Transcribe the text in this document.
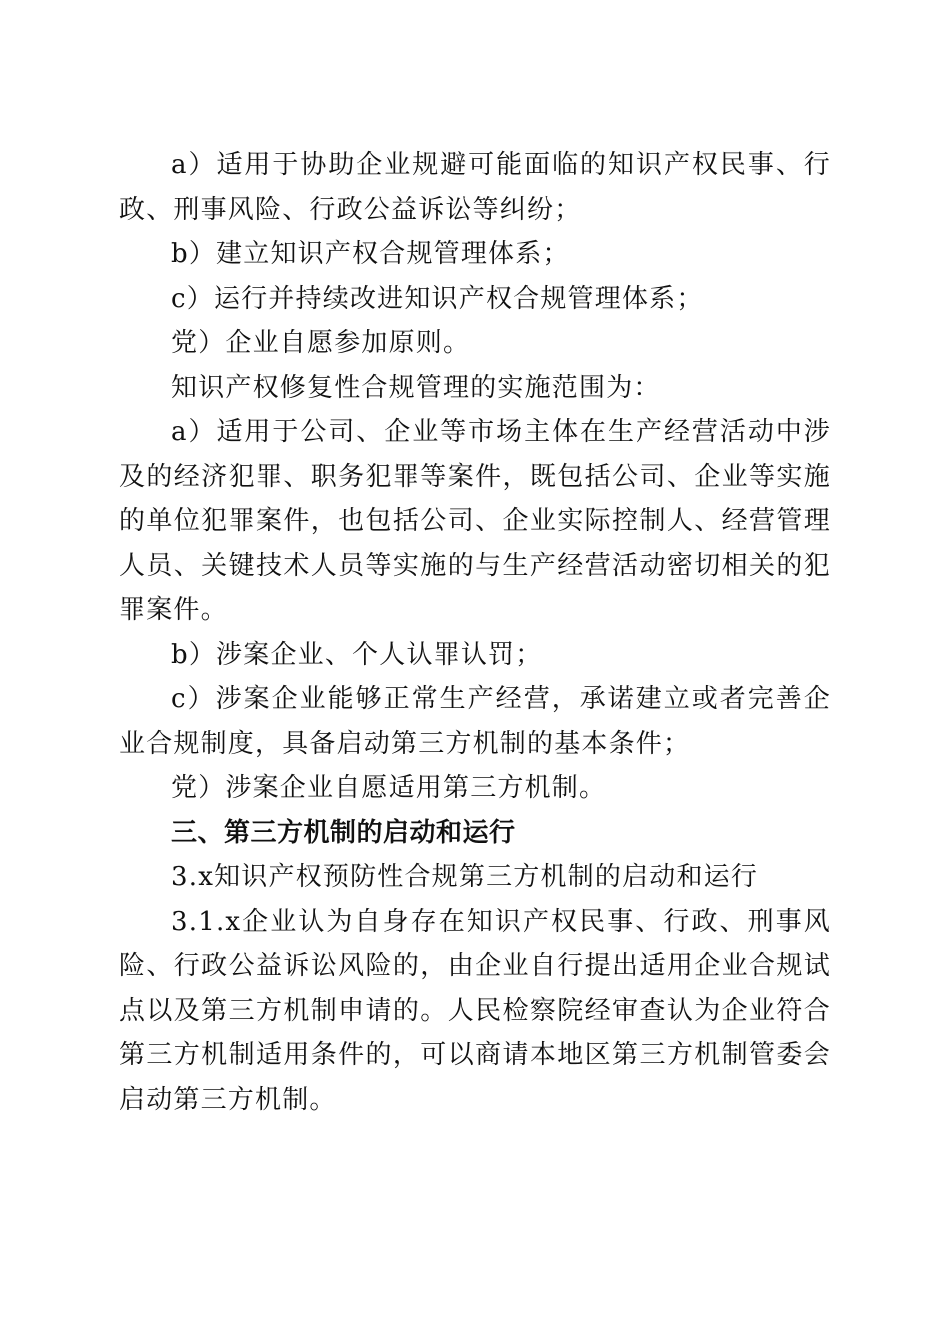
a）适用于协助企业规避可能面临的知识产权民事、行政、刑事风险、行政公益诉讼等纠纷；

b）建立知识产权合规管理体系；

c）运行并持续改进知识产权合规管理体系；

党）企业自愿参加原则。

知识产权修复性合规管理的实施范围为：

a）适用于公司、企业等市场主体在生产经营活动中涉及的经济犯罪、职务犯罪等案件，既包括公司、企业等实施的单位犯罪案件，也包括公司、企业实际控制人、经营管理人员、关键技术人员等实施的与生产经营活动密切相关的犯罪案件。

b）涉案企业、个人认罪认罚；

c）涉案企业能够正常生产经营，承诺建立或者完善企业合规制度，具备启动第三方机制的基本条件；

党）涉案企业自愿适用第三方机制。

三、第三方机制的启动和运行

3.x知识产权预防性合规第三方机制的启动和运行

3.1.x企业认为自身存在知识产权民事、行政、刑事风险、行政公益诉讼风险的，由企业自行提出适用企业合规试点以及第三方机制申请的。人民检察院经审查认为企业符合第三方机制适用条件的，可以商请本地区第三方机制管委会启动第三方机制。
